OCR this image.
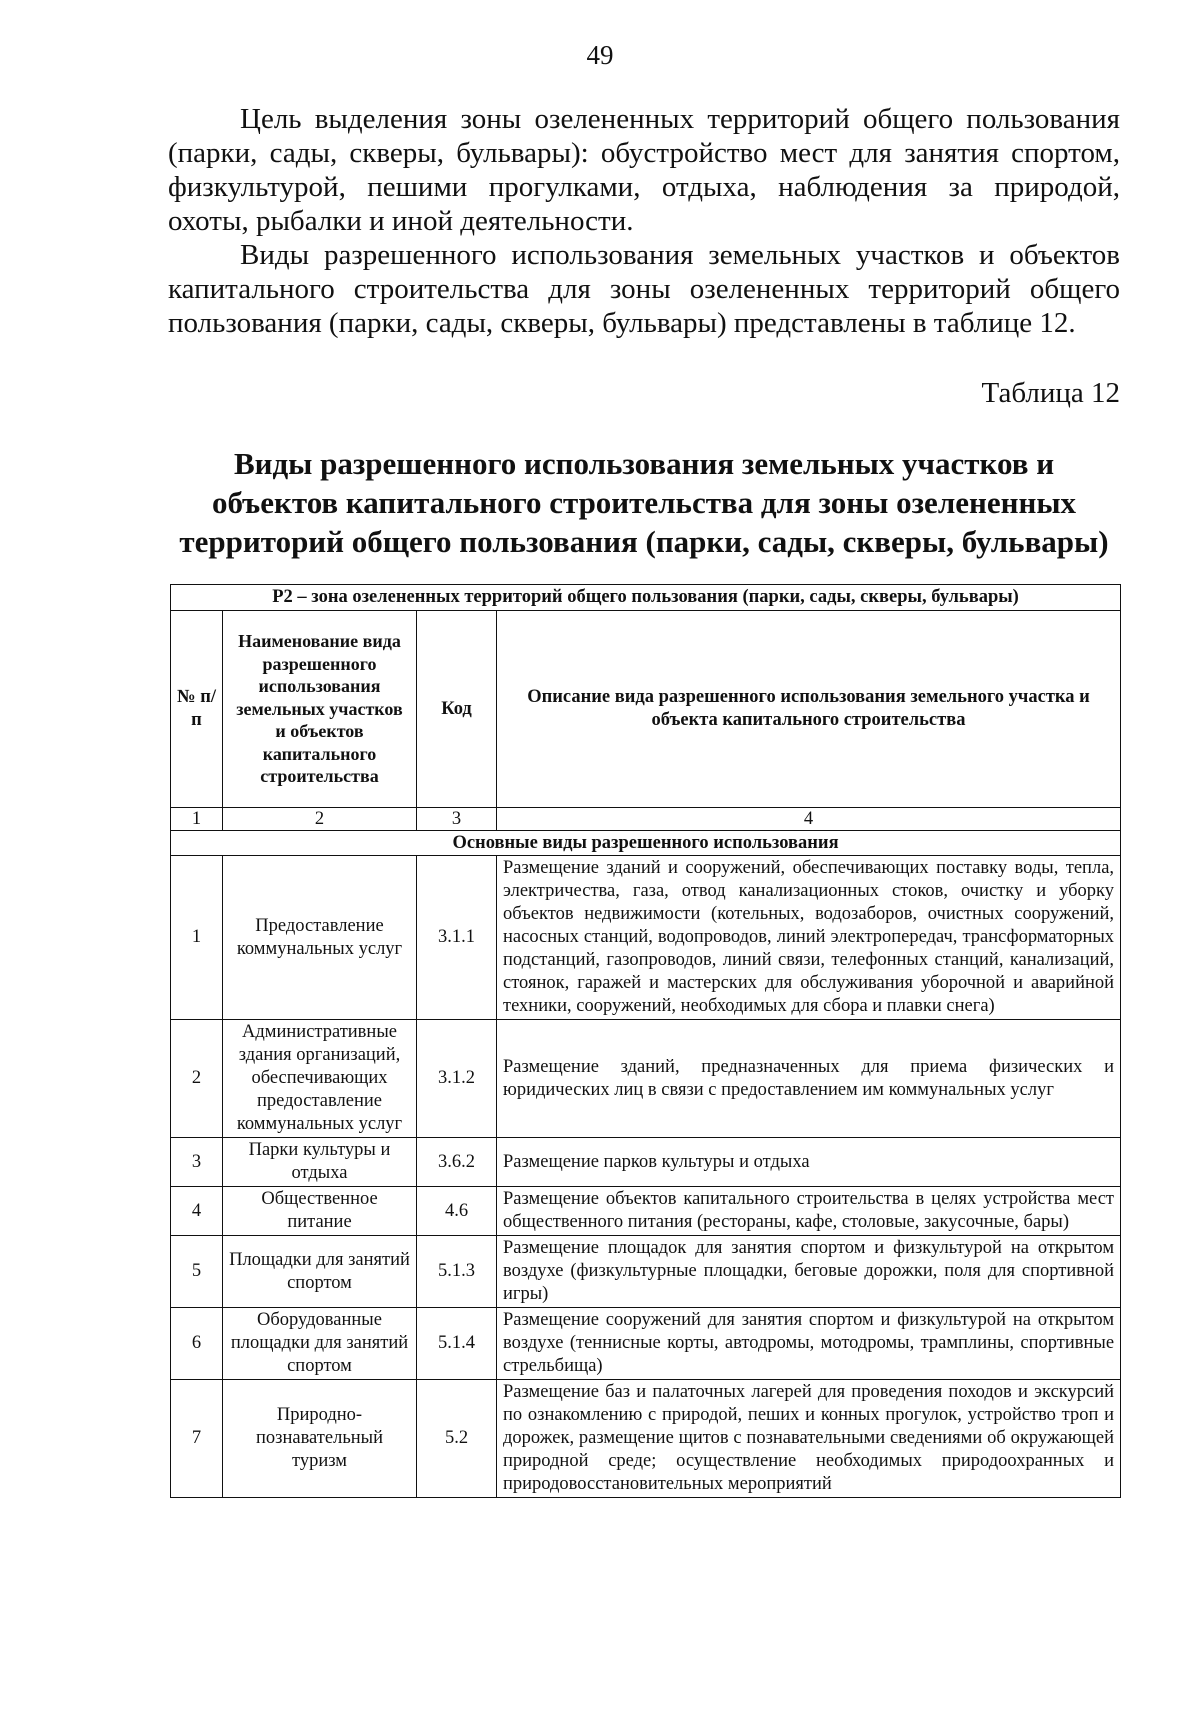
49

Цель выделения зоны озелененных территорий общего пользования (парки, сады, скверы, бульвары): обустройство мест для занятия спортом, физкультурой, пешими прогулками, отдыха, наблюдения за природой, охоты, рыбалки и иной деятельности.

Виды разрешенного использования земельных участков и объектов капитального строительства для зоны озелененных территорий общего пользования (парки, сады, скверы, бульвары) представлены в таблице 12.

Таблица 12
Виды разрешенного использования земельных участков и объектов капитального строительства для зоны озелененных территорий общего пользования (парки, сады, скверы, бульвары)
Р2 – зона озелененных территорий общего пользования (парки, сады, скверы, бульвары)			
№ п/п	Наименование вида разрешенного использования земельных участков и объектов капитального строительства	Код	Описание вида разрешенного использования земельного участка и объекта капитального строительства
1	2	3	4
Основные виды разрешенного использования			
1	Предоставление коммунальных услуг	3.1.1	Размещение зданий и сооружений, обеспечивающих поставку воды, тепла, электричества, газа, отвод канализационных стоков, очистку и уборку объектов недвижимости (котельных, водозаборов, очистных сооружений, насосных станций, водопроводов, линий электропередач, трансформаторных подстанций, газопроводов, линий связи, телефонных станций, канализаций, стоянок, гаражей и мастерских для обслуживания уборочной и аварийной техники, сооружений, необходимых для сбора и плавки снега)
2	Административные здания организаций, обеспечивающих предоставление коммунальных услуг	3.1.2	Размещение зданий, предназначенных для приема физических и юридических лиц в связи с предоставлением им коммунальных услуг
3	Парки культуры и отдыха	3.6.2	Размещение парков культуры и отдыха
4	Общественное питание	4.6	Размещение объектов капитального строительства в целях устройства мест общественного питания (рестораны, кафе, столовые, закусочные, бары)
5	Площадки для занятий спортом	5.1.3	Размещение площадок для занятия спортом и физкультурой на открытом воздухе (физкультурные площадки, беговые дорожки, поля для спортивной игры)
6	Оборудованные площадки для занятий спортом	5.1.4	Размещение сооружений для занятия спортом и физкультурой на открытом воздухе (теннисные корты, автодромы, мотодромы, трамплины, спортивные стрельбища)
7	Природно-познавательный туризм	5.2	Размещение баз и палаточных лагерей для проведения походов и экскурсий по ознакомлению с природой, пеших и конных прогулок, устройство троп и дорожек, размещение щитов с познавательными сведениями об окружающей природной среде; осуществление необходимых природоохранных и природовосстановительных мероприятий
